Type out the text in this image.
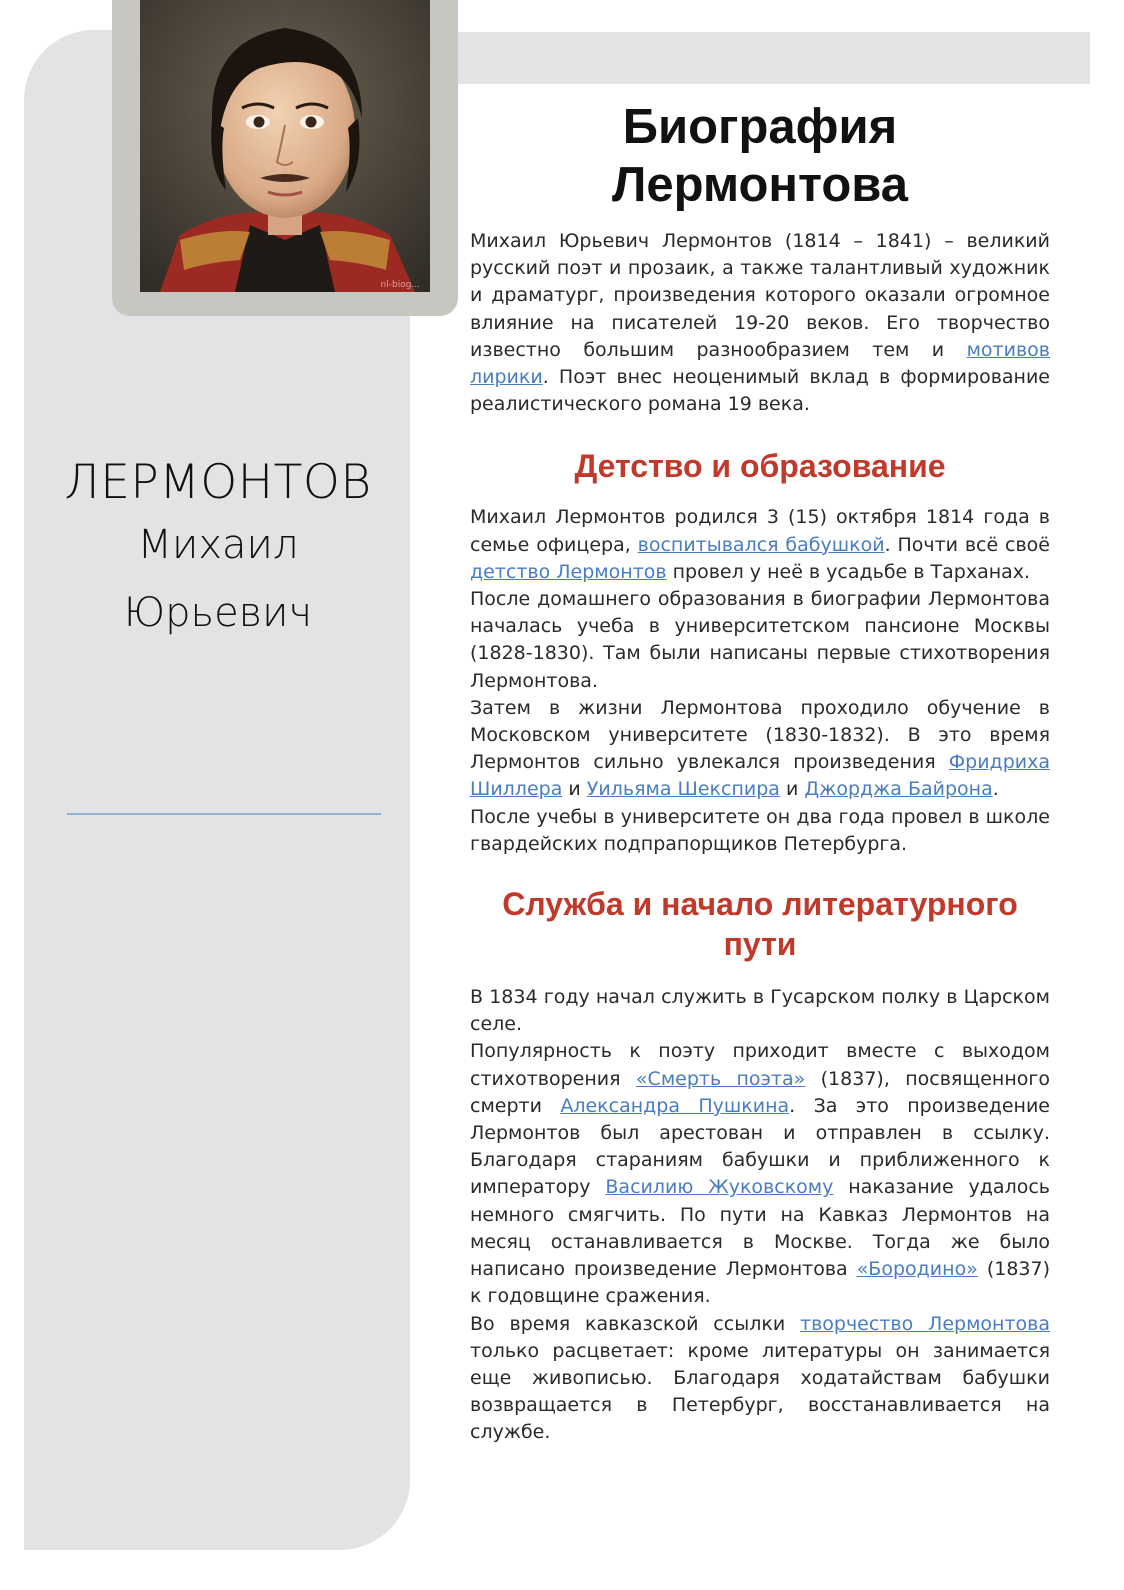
nl-biog...
ЛЕРМОНТОВ
Михаил
Юрьевич
Биография
Лермонтова

Михаил Юрьевич Лермонтов (1814 – 1841) – великий русский поэт и прозаик, а также талантливый художник и драматург, произведения которого оказали огромное влияние на писателей 19-20 веков. Его творчество известно большим разнообразием тем и мотивов лирики. Поэт внес неоценимый вклад в формирование реалистического романа 19 века.

Детство и образование

Михаил Лермонтов родился 3 (15) октября 1814 года в семье офицера, воспитывался бабушкой. Почти всё своё детство Лермонтов провел у неё в усадьбе в Тарханах.

После домашнего образования в биографии Лермонтова началась учеба в университетском пансионе Москвы (1828-1830). Там были написаны первые стихотворения Лермонтова.

Затем в жизни Лермонтова проходило обучение в Московском университете (1830-1832). В это время Лермонтов сильно увлекался произведения Фридриха Шиллера и Уильяма Шекспира и Джорджа Байрона.

После учебы в университете он два года провел в школе гвардейских подпрапорщиков Петербурга.

Служба и начало литературного
пути

В 1834 году начал служить в Гусарском полку в Царском селе.

Популярность к поэту приходит вместе с выходом стихотворения «Смерть поэта» (1837), посвященного смерти Александра Пушкина. За это произведение Лермонтов был арестован и отправлен в ссылку. Благодаря стараниям бабушки и приближенного к императору Василию Жуковскому наказание удалось немного смягчить. По пути на Кавказ Лермонтов на месяц останавливается в Москве. Тогда же было написано произведение Лермонтова «Бородино» (1837) к годовщине сражения.

Во время кавказской ссылки творчество Лермонтова только расцветает: кроме литературы он занимается еще живописью. Благодаря ходатайствам бабушки возвращается в Петербург, восстанавливается на службе.
